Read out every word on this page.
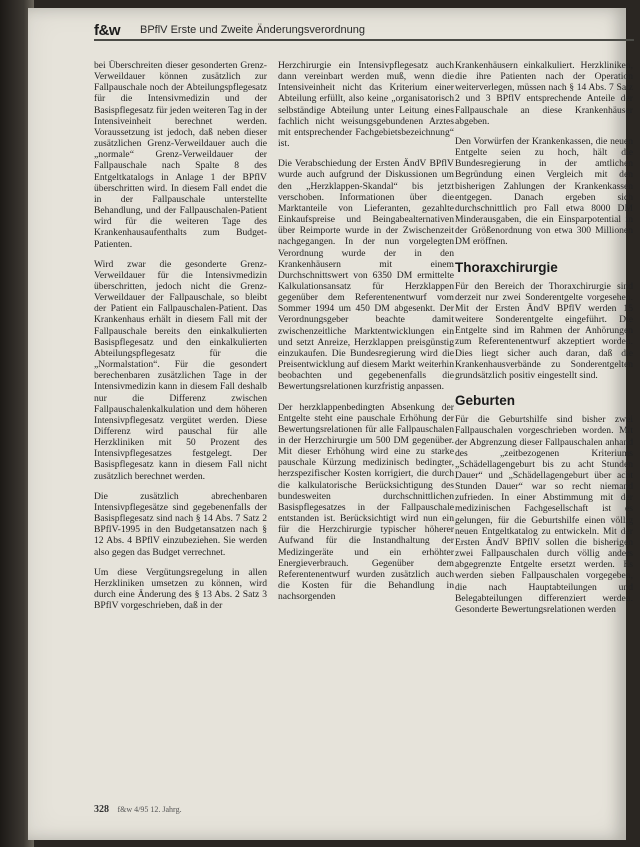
f&w BPflV Erste und Zweite Änderungsverordnung

bei Überschreiten dieser gesonderten Grenz-Verweildauer können zusätzlich zur Fallpauschale noch der Abteilungspflegesatz für die Intensivmedizin und der Basispflegesatz für jeden weiteren Tag in der Intensiveinheit berechnet werden. Voraussetzung ist jedoch, daß neben dieser zusätzlichen Grenz-Verweildauer auch die „normale“ Grenz-Verweildauer der Fallpauschale nach Spalte 8 des Entgeltkatalogs in Anlage 1 der BPflV überschritten wird. In diesem Fall endet die in der Fallpauschale unterstellte Behandlung, und der Fallpauschalen-Patient wird für die weiteren Tage des Krankenhausaufenthalts zum Budget-Patienten.

Wird zwar die gesonderte Grenz-Verweildauer für die Intensivmedizin überschritten, jedoch nicht die Grenz-Verweildauer der Fallpauschale, so bleibt der Patient ein Fallpauschalen-Patient. Das Krankenhaus erhält in diesem Fall mit der Fallpauschale bereits den einkalkulierten Basispflegesatz und den einkalkulierten Abteilungspflegesatz für die „Normalstation“. Für die gesondert berechenbaren zusätzlichen Tage in der Intensivmedizin kann in diesem Fall deshalb nur die Differenz zwischen Fallpauschalenkalkulation und dem höheren Intensivpflegesatz vergütet werden. Diese Differenz wird pauschal für alle Herzkliniken mit 50 Prozent des Intensivpflegesatzes festgelegt. Der Basispflegesatz kann in diesem Fall nicht zusätzlich berechnet werden.

Die zusätzlich abrechenbaren Intensivpflegesätze sind gegebenenfalls der Basispflegesatz sind nach § 14 Abs. 7 Satz 2 BPflV-1995 in den Budgetansatzen nach § 12 Abs. 4 BPflV einzubeziehen. Sie werden also gegen das Budget verrechnet.

Um diese Vergütungsregelung in allen Herzkliniken umsetzen zu können, wird durch eine Änderung des § 13 Abs. 2 Satz 3 BPflV vorgeschrieben, daß in der

Herzchirurgie ein Intensivpflegesatz auch dann vereinbart werden muß, wenn die Intensiveinheit nicht das Kriterium einer Abteilung erfüllt, also keine „organisatorisch selbständige Abteilung unter Leitung eines fachlich nicht weisungsgebundenen Arztes mit entsprechender Fachgebietsbezeichnung“ ist.

Die Verabschiedung der Ersten ÄndV BPflV wurde auch aufgrund der Diskussionen um den „Herzklappen-Skandal“ bis jetzt verschoben. Informationen über die Marktanteile von Lieferanten, gezahlte Einkaufspreise und Beingabealternativen über Reimporte wurde in der Zwischenzeit nachgegangen. In der nun vorgelegten Verordnung wurde der in den Krankenhäusern mit einem Durchschnittswert von 6350 DM ermittelte Kalkulationsansatz für Herzklappen gegenüber dem Referentenentwurf vom Sommer 1994 um 450 DM abgesenkt. Der Verordnungsgeber beachte damit zwischenzeitliche Marktentwicklungen ein und setzt Anreize, Herzklappen preisgünstig einzukaufen. Die Bundesregierung wird die Preisentwicklung auf diesem Markt weiterhin beobachten und gegebenenfalls die Bewertungsrelationen kurzfristig anpassen.

Der herzklappenbedingten Absenkung der Entgelte steht eine pauschale Erhöhung der Bewertungsrelationen für alle Fallpauschalen in der Herzchirurgie um 500 DM gegenüber. Mit dieser Erhöhung wird eine zu starke pauschale Kürzung medizinisch bedingter, herzspezifischer Kosten korrigiert, die durch die kalkulatorische Berücksichtigung des bundesweiten durchschnittlichen Basispflegesatzes in der Fallpauschale entstanden ist. Berücksichtigt wird nun ein für die Herzchirurgie typischer höherer Aufwand für die Instandhaltung der Medizingeräte und ein erhöhter Energieverbrauch. Gegenüber dem Referentenentwurf wurden zusätzlich auch die Kosten für die Behandlung in nachsorgenden

Krankenhäusern einkalkuliert. Herzkliniken, die ihre Patienten nach der Operation weiterverlegen, müssen nach § 14 Abs. 7 Satz 2 und 3 BPflV entsprechende Anteile der Fallpauschale an diese Krankenhäuser abgeben.

Den Vorwürfen der Krankenkassen, die neuen Entgelte seien zu hoch, hält die Bundesregierung in der amtlichen Begründung einen Vergleich mit den bisherigen Zahlungen der Krankenkassen entgegen. Danach ergeben sich durchschnittlich pro Fall etwa 8000 DM Minderausgaben, die ein Einsparpotential in der Größenordnung von etwa 300 Millionen DM eröffnen.

Thoraxchirurgie

Für den Bereich der Thoraxchirurgie sind derzeit nur zwei Sonderentgelte vorgesehen. Mit der Ersten ÄndV BPflV werden 15 weitere Sonderentgelte eingeführt. Die Entgelte sind im Rahmen der Anhörungen zum Referentenentwurf akzeptiert worden. Dies liegt sicher auch daran, daß die Krankenhausverbände zu Sonderentgelten grundsätzlich positiv eingestellt sind.

Geburten

Für die Geburtshilfe sind bisher zwei Fallpauschalen vorgeschrieben worden. Mit der Abgrenzung dieser Fallpauschalen anhand des „zeitbezogenen Kriteriums „Schädellagengeburt bis zu acht Stunden Dauer“ und „Schädellagengeburt über acht Stunden Dauer“ war so recht niemand zufrieden. In einer Abstimmung mit der medizinischen Fachgesellschaft ist es gelungen, für die Geburtshilfe einen völlig neuen Entgeltkatalog zu entwickeln. Mit der Ersten ÄndV BPflV sollen die bisherigen zwei Fallpauschalen durch völlig anders abgegrenzte Entgelte ersetzt werden. Es werden sieben Fallpauschalen vorgegeben, die nach Hauptabteilungen und Belegabteilungen differenziert werden. Gesonderte Bewertungsrelationen werden

328 f&w 4/95 12. Jahrg.
